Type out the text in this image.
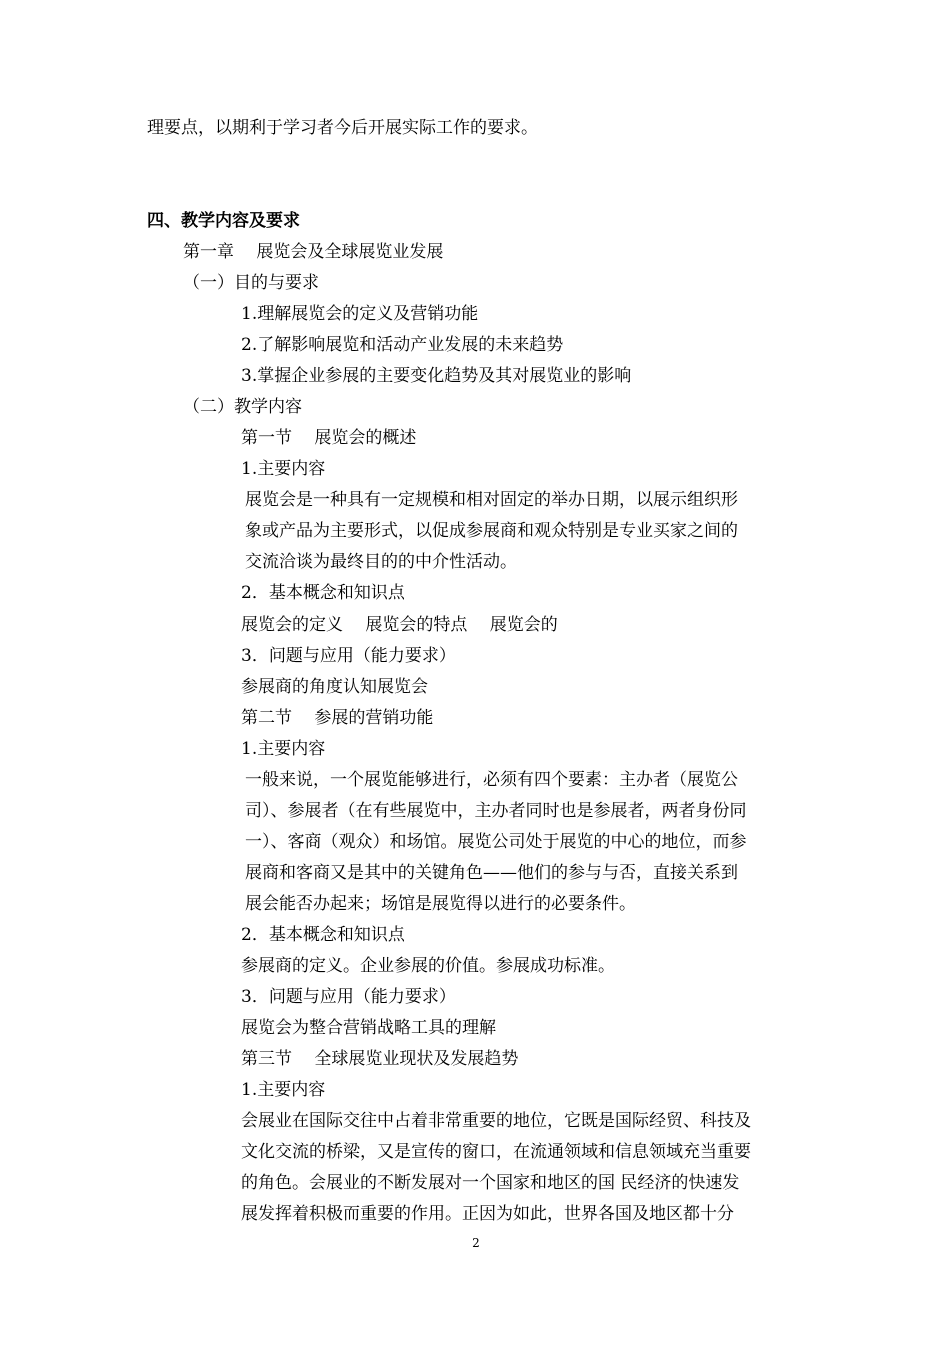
理要点，以期利于学习者今后开展实际工作的要求。
四、教学内容及要求
第一章　 展览会及全球展览业发展
（一）目的与要求
1.理解展览会的定义及营销功能
2.了解影响展览和活动产业发展的未来趋势
3.掌握企业参展的主要变化趋势及其对展览业的影响
（二）教学内容
第一节　 展览会的概述
1.主要内容
展览会是一种具有一定规模和相对固定的举办日期，以展示组织形
象或产品为主要形式，以促成参展商和观众特别是专业买家之间的
交流洽谈为最终目的的中介性活动。
2．基本概念和知识点
展览会的定义　 展览会的特点　 展览会的
3．问题与应用（能力要求）
参展商的角度认知展览会
第二节　 参展的营销功能
1.主要内容
一般来说，一个展览能够进行，必须有四个要素：主办者（展览公
司）、参展者（在有些展览中，主办者同时也是参展者，两者身份同
一）、客商（观众）和场馆。展览公司处于展览的中心的地位，而参
展商和客商又是其中的关键角色——他们的参与与否，直接关系到
展会能否办起来；场馆是展览得以进行的必要条件。
2．基本概念和知识点
参展商的定义。企业参展的价值。参展成功标准。
3．问题与应用（能力要求）
展览会为整合营销战略工具的理解
第三节　 全球展览业现状及发展趋势
1.主要内容
会展业在国际交往中占着非常重要的地位，它既是国际经贸、科技及
文化交流的桥梁，又是宣传的窗口，在流通领域和信息领域充当重要
的角色。会展业的不断发展对一个国家和地区的国 民经济的快速发
展发挥着积极而重要的作用。正因为如此，世界各国及地区都十分
2
